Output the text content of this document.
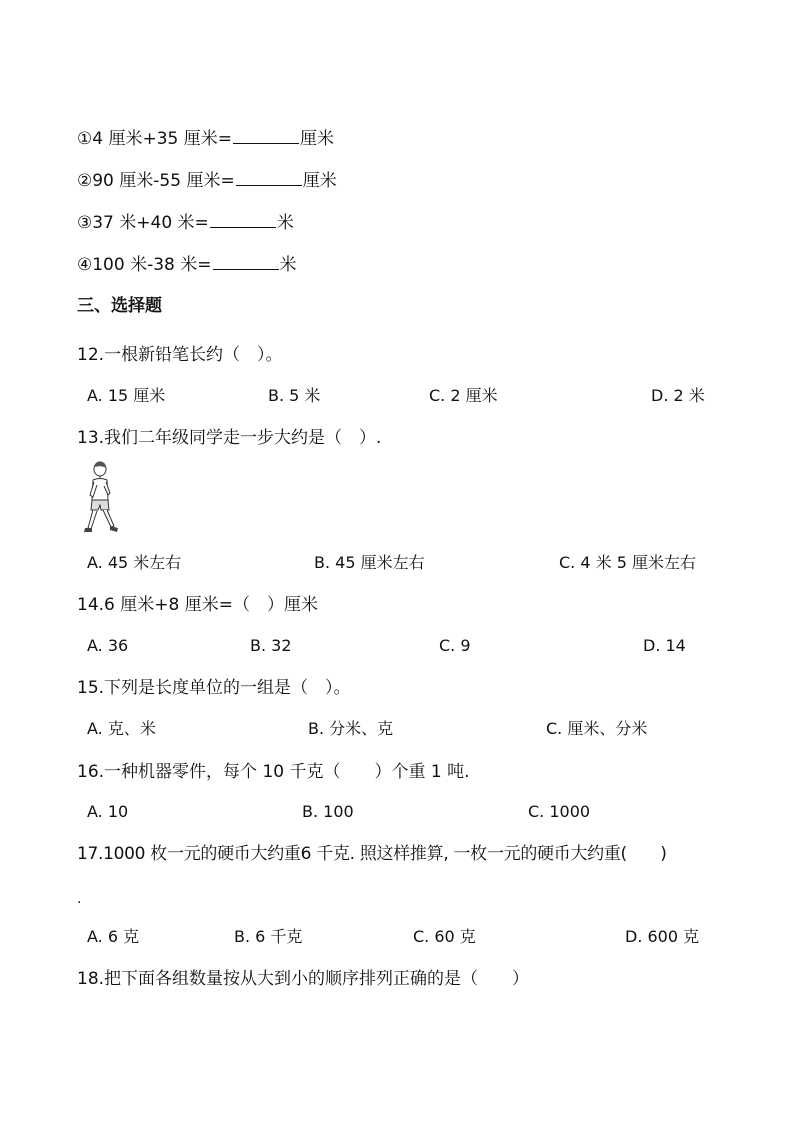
①4 厘米+35 厘米=	厘米
②90 厘米-55 厘米=	厘米
③37 米+40 米=	米
④100 米-38 米=	米
三、选择题
12.一根新铅笔长约（　）。
A. 15 厘米	B. 5 米	C. 2 厘米	D. 2 米
13.我们二年级同学走一步大约是（　）.
A. 45 米左右	B. 45 厘米左右	C. 4 米 5 厘米左右
14.6 厘米+8 厘米=（　）厘米
A. 36	B. 32	C. 9	D. 14
15.下列是长度单位的一组是（　）。
A. 克、米	B. 分米、克	C. 厘米、分米
16.一种机器零件，每个 10 千克（　　）个重 1 吨.
A. 10	B. 100	C. 1000
17.1000 枚一元的硬币大约重6 千克. 照这样推算, 一枚一元的硬币大约重(　　)
.
A. 6 克	B. 6 千克	C. 60 克	D. 600 克
18.把下面各组数量按从大到小的顺序排列正确的是（　　）
